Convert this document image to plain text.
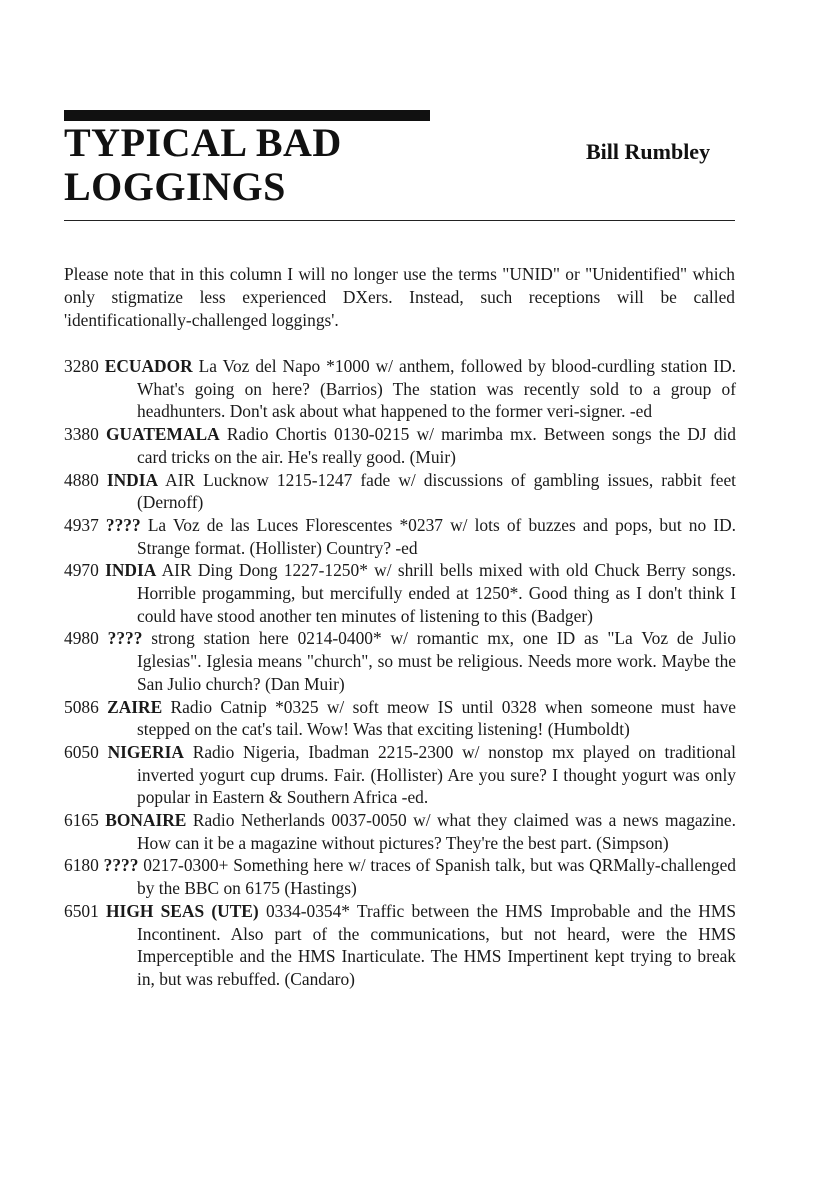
TYPICAL BAD LOGGINGS
Bill Rumbley

Please note that in this column I will no longer use the terms "UNID" or "Unidentified" which only stigmatize less experienced DXers. Instead, such receptions will be called 'identificationally-challenged loggings'.

3280 ECUADOR La Voz del Napo *1000 w/ anthem, followed by blood-curdling station ID. What's going on here? (Barrios) The station was recently sold to a group of headhunters. Don't ask about what happened to the former veri-signer. -ed
3380 GUATEMALA Radio Chortis 0130-0215 w/ marimba mx. Between songs the DJ did card tricks on the air. He's really good. (Muir)
4880 INDIA AIR Lucknow 1215-1247 fade w/ discussions of gambling issues, rabbit feet (Dernoff)
4937 ???? La Voz de las Luces Florescentes *0237 w/ lots of buzzes and pops, but no ID. Strange format. (Hollister) Country? -ed
4970 INDIA AIR Ding Dong 1227-1250* w/ shrill bells mixed with old Chuck Berry songs. Horrible progamming, but mercifully ended at 1250*. Good thing as I don't think I could have stood another ten minutes of listening to this (Badger)
4980 ???? strong station here 0214-0400* w/ romantic mx, one ID as "La Voz de Julio Iglesias". Iglesia means "church", so must be religious. Needs more work. Maybe the San Julio church? (Dan Muir)
5086 ZAIRE Radio Catnip *0325 w/ soft meow IS until 0328 when someone must have stepped on the cat's tail. Wow! Was that exciting listening! (Humboldt)
6050 NIGERIA Radio Nigeria, Ibadman 2215-2300 w/ nonstop mx played on traditional inverted yogurt cup drums. Fair. (Hollister) Are you sure? I thought yogurt was only popular in Eastern & Southern Africa -ed.
6165 BONAIRE Radio Netherlands 0037-0050 w/ what they claimed was a news magazine. How can it be a magazine without pictures? They're the best part. (Simpson)
6180 ???? 0217-0300+ Something here w/ traces of Spanish talk, but was QRMally-challenged by the BBC on 6175 (Hastings)
6501 HIGH SEAS (UTE) 0334-0354* Traffic between the HMS Improbable and the HMS Incontinent. Also part of the communications, but not heard, were the HMS Imperceptible and the HMS Inarticulate. The HMS Impertinent kept trying to break in, but was rebuffed. (Candaro)
